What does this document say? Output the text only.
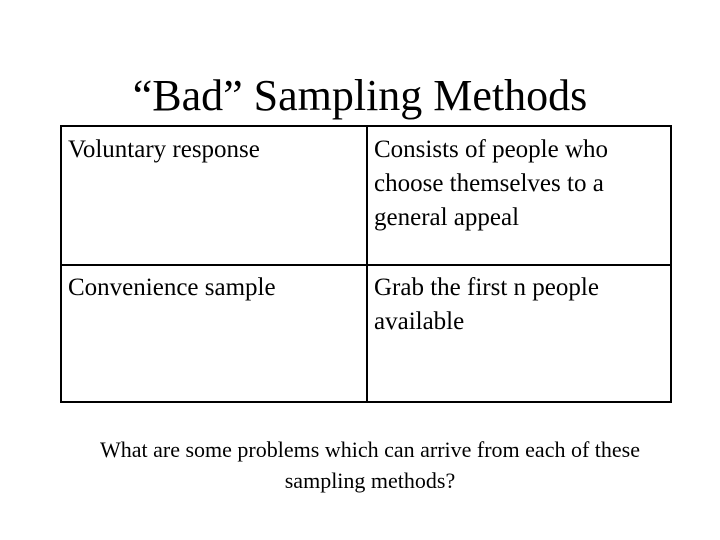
“Bad” Sampling Methods
Voluntary response	Consists of people who choose themselves to a general appeal
Convenience sample	Grab the first n people available
What are some problems which can arrive from each of these sampling methods?
